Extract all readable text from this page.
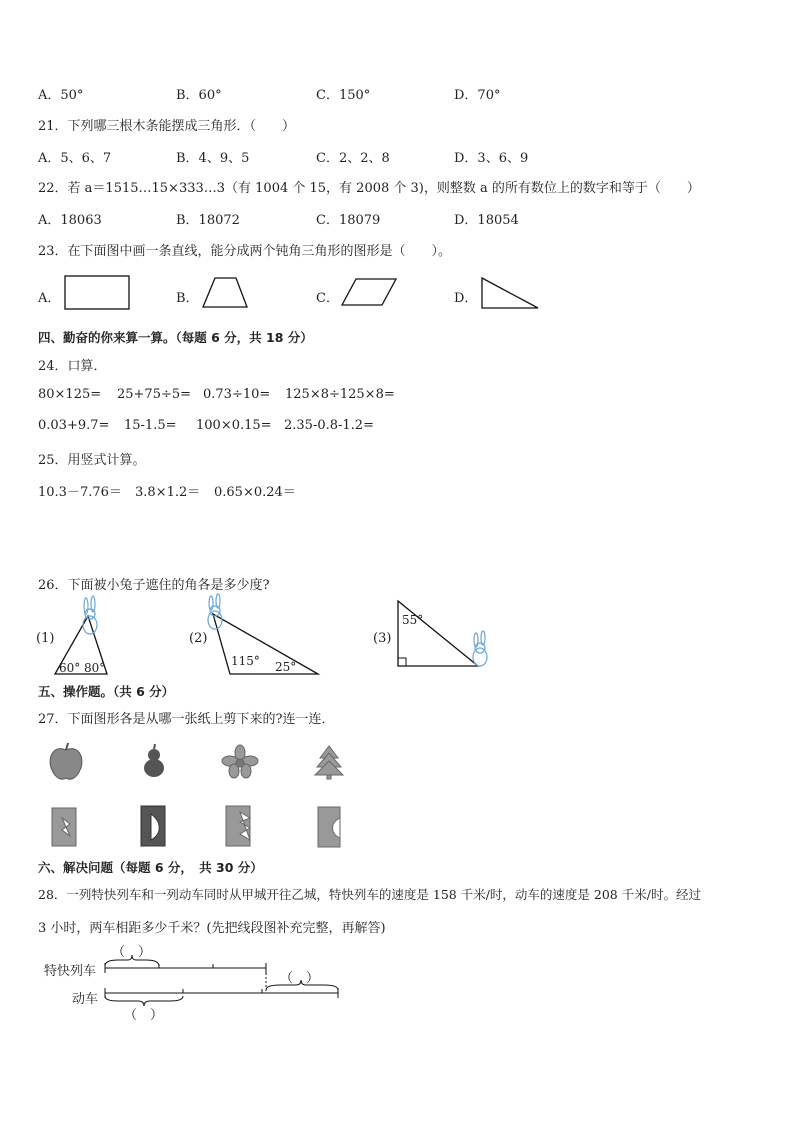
A．50°	B．60°	C．150°	D．70°
21．下列哪三根木条能摆成三角形．（　　）
A．5、6、7	B．4、9、5	C．2、2、8	D．3、6、9
22．若 a＝1515…15×333…3（有 1004 个 15，有 2008 个 3)，则整数 a 的所有数位上的数字和等于（　　）
A．18063	B．18072	C．18079	D．18054
23．在下面图中画一条直线，能分成两个钝角三角形的图形是（　　）。
A．	B．	C．	D．
四、勤奋的你来算一算。（每题 6 分，共 18 分）
24．口算．
80×125= 25+75÷5= 0.73÷10= 125×8÷125×8=
0.03+9.7= 15-1.5= 100×0.15= 2.35-0.8-1.2=
25．用竖式计算。
10.3－7.76＝ 3.8×1.2＝ 0.65×0.24＝
26．下面被小兔子遮住的角各是多少度?
(1)	(2)	(3)
60° 80°	115° 25°
55°
五、操作题。（共 6 分）
27．下面图形各是从哪一张纸上剪下来的?连一连．
六、解决问题（每题 6 分，　共 30 分）
28．一列特快列车和一列动车同时从甲城开往乙城，特快列车的速度是 158 千米/时，动车的速度是 208 千米/时。经过
3 小时，两车相距多少千米？(先把线段图补充完整，再解答)
特快列车
动车
（　）
（　）
（　）
